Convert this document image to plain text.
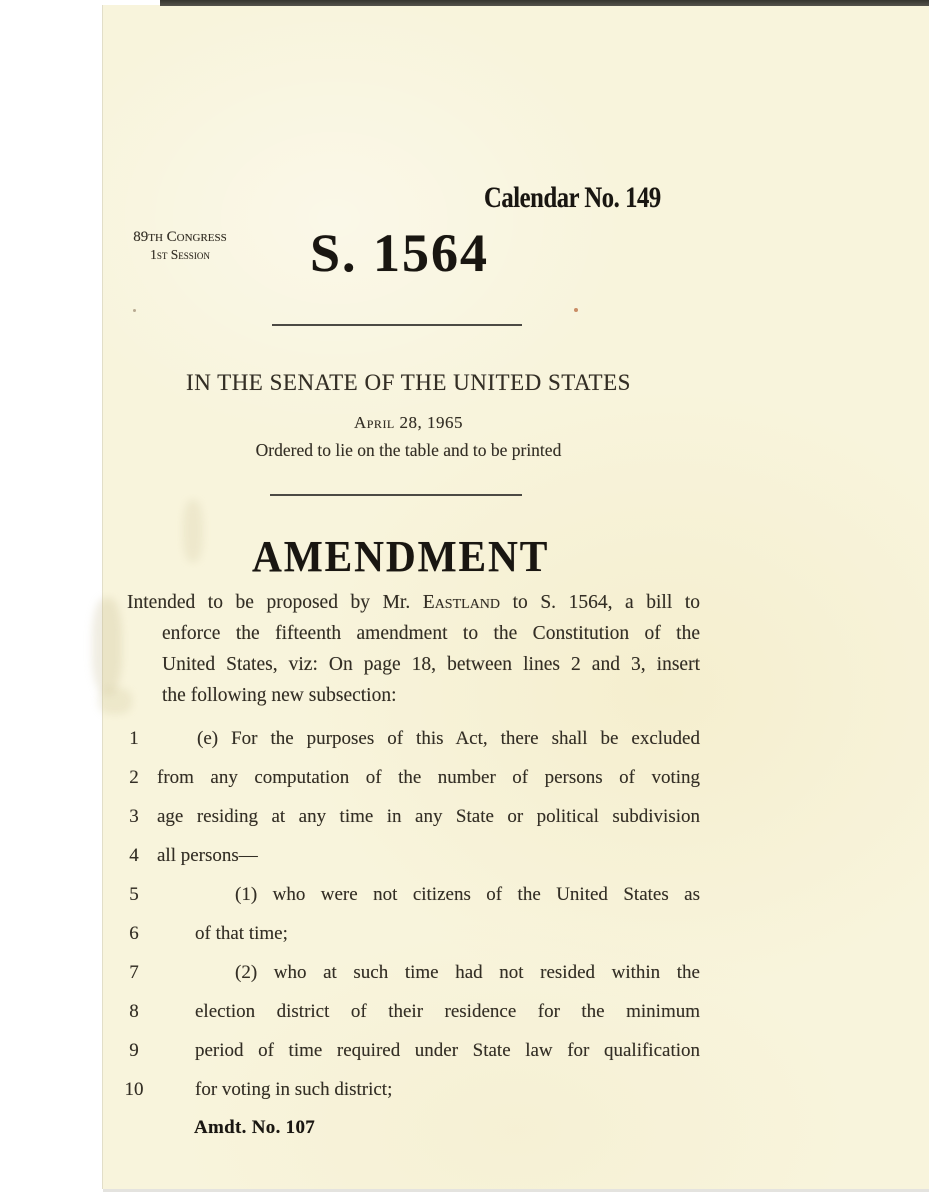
Calendar No. 149
89th Congress
1st Session	S. 1564
IN THE SENATE OF THE UNITED STATES
April 28, 1965
Ordered to lie on the table and to be printed
AMENDMENT
Intended to be proposed by Mr. Eastland to S. 1564, a bill to
enforce the fifteenth amendment to the Constitution of the
United States, viz: On page 18, between lines 2 and 3, insert
the following new subsection:
1	(e) For the purposes of this Act, there shall be excluded
2 from any computation of the number of persons of voting
3 age residing at any time in any State or political subdivision
4 all persons—
5	(1) who were not citizens of the United States as
6	of that time;
7	(2) who at such time had not resided within the
8	election district of their residence for the minimum
9	period of time required under State law for qualification
10	for voting in such district;
Amdt. No. 107
